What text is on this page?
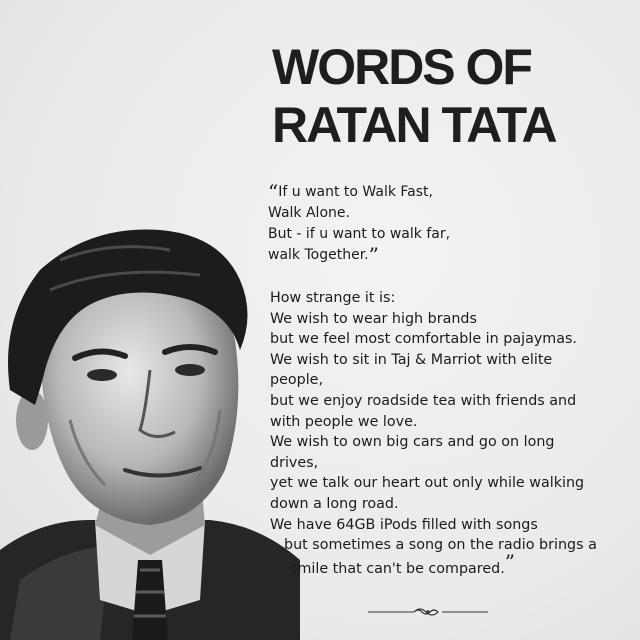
WORDS OF
RATAN TATA
“If u want to Walk Fast,
Walk Alone.
But - if u want to walk far,
walk Together.”
How strange it is:
We wish to wear high brands
but we feel most comfortable in pajaymas.
We wish to sit in Taj & Marriot with elite
people,
but we enjoy roadside tea with friends and
with people we love.
We wish to own big cars and go on long
drives,
yet we talk our heart out only while walking
down a long road.
We have 64GB iPods filled with songs
but sometimes a song on the radio brings a
smile that can't be compared.”
